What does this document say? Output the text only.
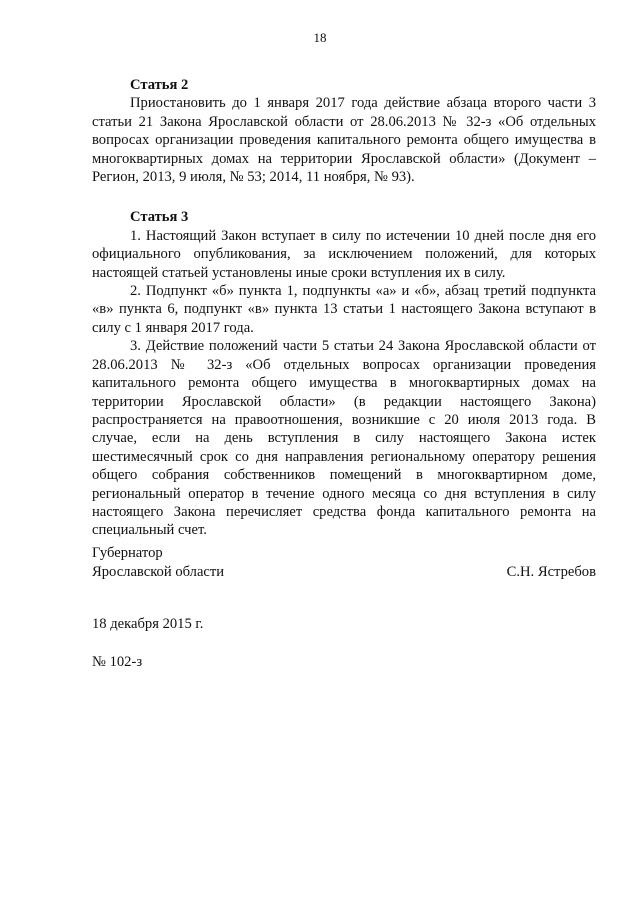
18

Статья 2

Приостановить до 1 января 2017 года действие абзаца второго части 3 статьи 21 Закона Ярославской области от 28.06.2013 № 32-з «Об отдельных вопросах организации проведения капитального ремонта общего имущества в многоквартирных домах на территории Ярославской области» (Документ – Регион, 2013, 9 июля, № 53; 2014, 11 ноября, № 93).

Статья 3

1. Настоящий Закон вступает в силу по истечении 10 дней после дня его официального опубликования, за исключением положений, для которых настоящей статьей установлены иные сроки вступления их в силу.

2. Подпункт «б» пункта 1, подпункты «а» и «б», абзац третий подпункта «в» пункта 6, подпункт «в» пункта 13 статьи 1 настоящего Закона вступают в силу с 1 января 2017 года.

3. Действие положений части 5 статьи 24 Закона Ярославской области от 28.06.2013 № 32-з «Об отдельных вопросах организации проведения капитального ремонта общего имущества в многоквартирных домах на территории Ярославской области» (в редакции настоящего Закона) распространяется на правоотношения, возникшие с 20 июля 2013 года. В случае, если на день вступления в силу настоящего Закона истек шестимесячный срок со дня направления региональному оператору решения общего собрания собственников помещений в многоквартирном доме, региональный оператор в течение одного месяца со дня вступления в силу настоящего Закона перечисляет средства фонда капитального ремонта на специальный счет.

Губернатор
Ярославской области	С.Н. Ястребов
18 декабря 2015 г.
№ 102-з
